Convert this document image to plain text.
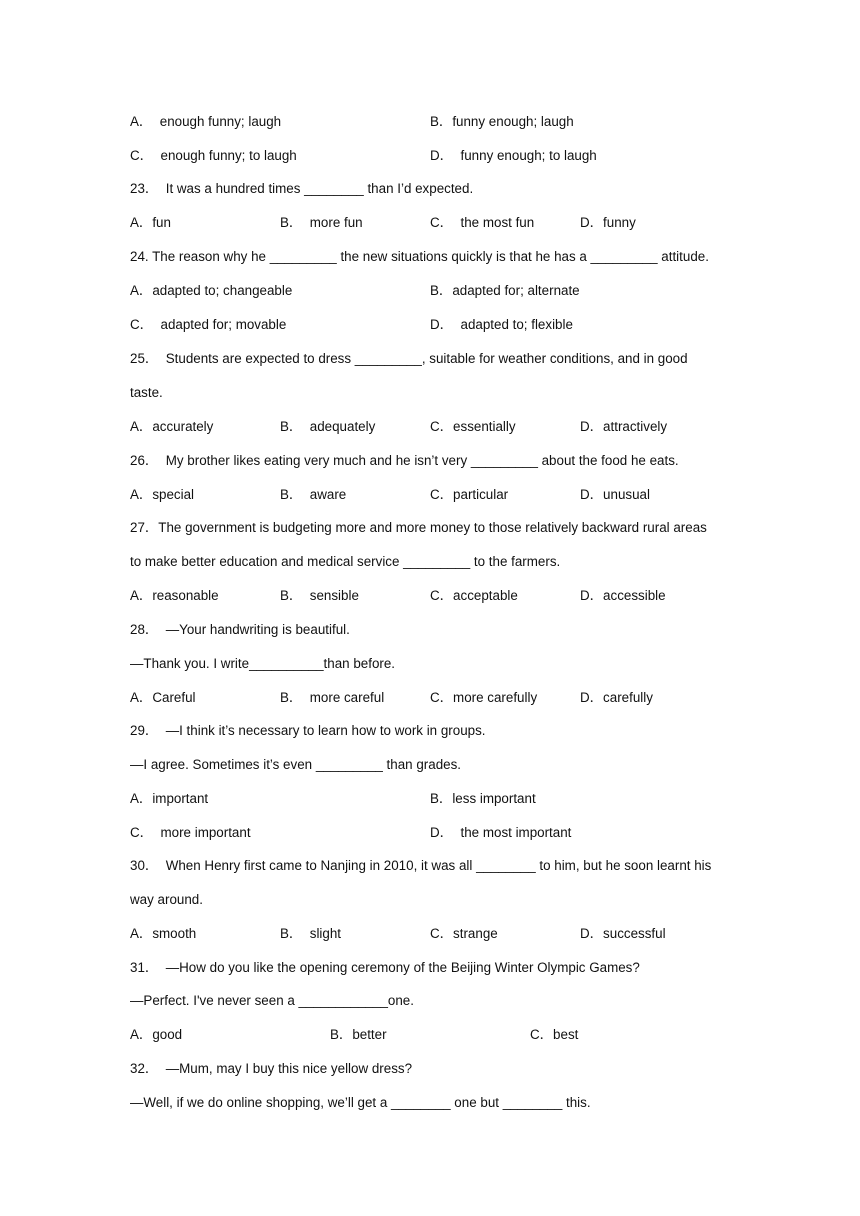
A．  enough funny; laugh	B．funny enough; laugh
C．  enough funny; to laugh	D．  funny enough; to laugh
23．  It was a hundred times ________ than I’d expected.
A．fun	B．  more fun	C．  the most fun	D．funny
24. The reason why he _________ the new situations quickly is that he has a _________ attitude.
A．adapted to; changeable	B．adapted for; alternate
C．  adapted for; movable	D．  adapted to; flexible
25．  Students are expected to dress _________, suitable for weather conditions, and in good
taste.
A．accurately	B．  adequately	C．essentially	D．attractively
26．  My brother likes eating very much and he isn’t very _________ about the food he eats.
A．special	B．  aware	C．particular	D．unusual
27．The government is budgeting more and more money to those relatively backward rural areas
to make better education and medical service _________ to the farmers.
A．reasonable	B．  sensible	C．acceptable	D．accessible
28．  —Your handwriting is beautiful.
—Thank you. I write__________than before.
A．Careful	B．  more careful	C．more carefully	D．carefully
29．  —I think it’s necessary to learn how to work in groups.
—I agree. Sometimes it’s even _________ than grades.
A．important	B．less important
C．  more important	D．  the most important
30．  When Henry first came to Nanjing in 2010, it was all ________ to him, but he soon learnt his
way around.
A．smooth	B．  slight	C．strange	D．successful
31．  —How do you like the opening ceremony of the Beijing Winter Olympic Games?
—Perfect. I've never seen a ____________one.
A．good	B．better	C．best
32．  —Mum, may I buy this nice yellow dress?
—Well, if we do online shopping, we’ll get a ________ one but ________ this.
